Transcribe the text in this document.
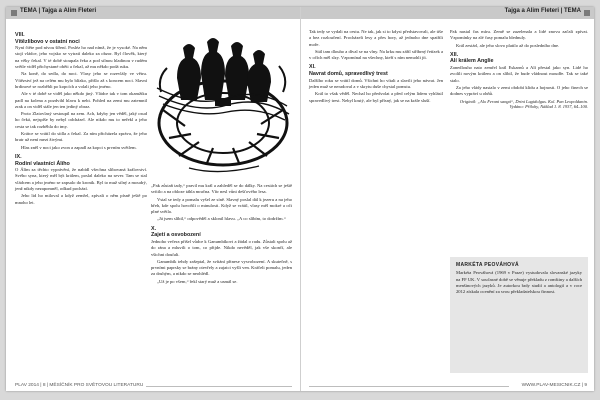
TÉMA | Tajga a Alim Fleteri
VIII.
Vítězlibovo v ostatní noci

Nyní čtěte pod nívou šíření. Posléz ho nad nímž, že je vysoké. Na něm stojí vládce, jeho vojsko se vytratí daleko za obzor. Byl člověk, který na věky čekal. V té době stoupala řeka a pod silnou hladinou v rudém světle viděl přichystané oběti a čekal, až mu někdo podá ruku.

Na koně, do sedla, do noci. Vlasy jeho se rozevlály ve větru. Vítězství jež na celém mu bylo blízko, přišlo až s koncem noci. Slavní hrdinové se rozběhli po kopcích a volali jeho jméno.

Ale v té době se viděl jako někdo jiný. Vládce tak v tom okamžiku padl na kolena a pozdvihl hlavu k nebi. Pohled na zemi mu zatemnil zrak a on viděl stále jen ten jediný obraz.

Proto Zlatovlasý sestoupil na zem. Ach, kdyby jen věděl, jaký osud ho čeká, nejspíše by nebyl odcházel. Ale nikdo mu to neřekl a jeho cesta se tak rozběhla do tmy.

Krátce se vrátil do sídla a čekal. Za ním přicházela zpráva, že jeho bratr už není mezi živými.

Hlas zněl v noci jako zvon a zapadl za kopci s prvním světlem.

IX.
Rodiní vlastníci Álího

O Álím za těchto vyprávění, že nabídl všechna slibovaná království. Svého syna, který měl být králem, poslal daleko na sever. Tam se stal vládcem a jeho jméno se zapsalo do kronik. Byl to muž silný a moudrý, jenž nikdy nezapomněl, odkud pochází.

Jeho lid ho miloval a když zemřel, zpívali o něm písně ještě po mnoho let.

„Pak zůstaň tady,“ pravil mu král a zahleděl se do dálky. Na cestách se ještě svítilo a na obloze táhla mračna. Vítr nesl vůni dešťového lesa.

Vstal se tedy a pomalu vyšel ze síně. Slavný poslal dál k jezeru a na jeho břeh, kde spolu hovořili o minulosti. Když se vrátil, vlasy měl mokré a oči plné světla.

„Já jsem slíbil,“ odpověděl a sklonil hlavu. „A co slíbím, to dodržím.“

X.
Zajetí a osvobození

Jednoho večera přišel vůdce k Ganumbíkovi a žádal o radu. Zůstali spolu až do rána a mluvili o tom, co přijde. Nikdo nevěděl, jak vše skončí, ale všichni doufali.

Ganumbík tehdy zašeptal, že svítání přinese vysvobození. A skutečně, s prvními paprsky se brány otevřely a zajatci vyšli ven. Kráčeli pomalu, jeden za druhým, a nikdo se neohlédl.

„Už je po všem,“ řekl starý muž a usmál se.

PLAV 2014 | 8 | MĚSÍČNÍK PRO SVĚTOVOU LITERATURU
Tajga a Alim Fleteri | TÉMA

Tak tedy se vydali na cestu. Ne tak, jak si to kdysi představovali, ale tiše a bez rozloučení. Procházeli lesy a přes hory, až jednoho dne spatřili moře.

Stál tam dlouho a díval se na vlny. Na krku mu zářil stříbrný řetízek a v očích měl slzy. Vzpomínal na všechny, kteří s ním nemohli jít.

XI.
Navrat domů, spravedlivý trest

Dalšího roku se vrátil domů. Všichni ho vítali a slavili jeho návrat. Jen jeden muž se neradoval a v skrytu duše chystal pomstu.

Král to však věděl. Nechal ho předvolat a před celým lidem vyhlásil spravedlivý trest. Nebyl krutý, ale byl přísný, jak se na krále sluší.

Pak nastal čas míru. Země se zazelenala a lidé znovu začali zpívat. Vzpomínky na zlé časy pomalu blednuly.

Král zestárl, ale jeho slovo platilo až do posledního dne.

XII.
Alí králem Anglie

Zanedlouho nato zemřel král Eskarnů a Alí přestal jako syn. Lidé ho zvolili novým králem a on slíbil, že bude vládnout moudře. Tak se také stalo.

Za jeho vlády nastalo v zemi období klidu a hojnosti. O jeho činech se dodnes vypráví u ohňů.

Originál: „Alo Ferani sangá“, Drini Lugidolgus. Kol. Pan Leopoldanin. Vydáno: Přílohy, Náklad 1. 8. 1937, 64–100.

MARKÉTA PEOVÁHOVÁ

Markéta Peováhová (1969 v Praze) vystudovala slovanské jazyky na FF UK. V současné době se věnuje překladu z romštiny a dalších menšinových jazyků. Je autorkou řady studií a antologií a v roce 2012 získala ocenění za svou překladatelskou činnost.

WWW.PLAV-MESICNIK.CZ | 9
